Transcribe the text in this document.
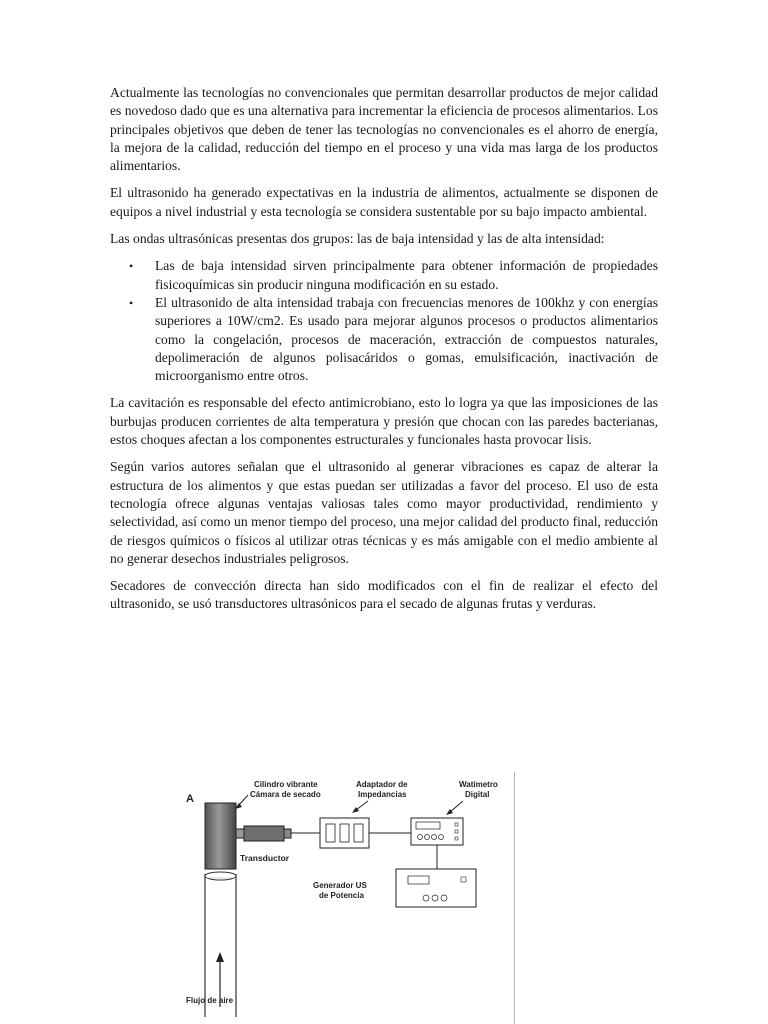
Actualmente las tecnologías no convencionales que permitan desarrollar productos de mejor calidad es novedoso dado que es una alternativa para incrementar la eficiencia de procesos alimentarios. Los principales objetivos que deben de tener las tecnologías no convencionales es el ahorro de energía, la mejora de la calidad, reducción del tiempo en el proceso y una vida mas larga de los productos alimentarios.

El ultrasonido ha generado expectativas en la industria de alimentos, actualmente se disponen de equipos a nivel industrial y esta tecnología se considera sustentable por su bajo impacto ambiental.

Las ondas ultrasónicas presentas dos grupos: las de baja intensidad y las de alta intensidad:

• Las de baja intensidad sirven principalmente para obtener información de propiedades fisicoquímicas sin producir ninguna modificación en su estado.
• El ultrasonido de alta intensidad trabaja con frecuencias menores de 100khz y con energías superiores a 10W/cm2. Es usado para mejorar algunos procesos o productos alimentarios como la congelación, procesos de maceración, extracción de compuestos naturales, depolimeración de algunos polisacáridos o gomas, emulsificación, inactivación de microorganismo entre otros.

La cavitación es responsable del efecto antimicrobiano, esto lo logra ya que las imposiciones de las burbujas producen corrientes de alta temperatura y presión que chocan con las paredes bacterianas, estos choques afectan a los componentes estructurales y funcionales hasta provocar lisis.

Según varios autores señalan que el ultrasonido al generar vibraciones es capaz de alterar la estructura de los alimentos y que estas puedan ser utilizadas a favor del proceso. El uso de esta tecnología ofrece algunas ventajas valiosas tales como mayor productividad, rendimiento y selectividad, así como un menor tiempo del proceso, una mejor calidad del producto final, reducción de riesgos químicos o físicos al utilizar otras técnicas y es más amigable con el medio ambiente al no generar desechos industriales peligrosos.

Secadores de convección directa han sido modificados con el fin de realizar el efecto del ultrasonido, se usó transductores ultrasónicos para el secado de algunas frutas y verduras.

A
Cilindro vibrante
Cámara de secado
Adaptador de
Impedancias
Watímetro
Digital
Flujo de aire
Transductor
Generador US
de Potencia
